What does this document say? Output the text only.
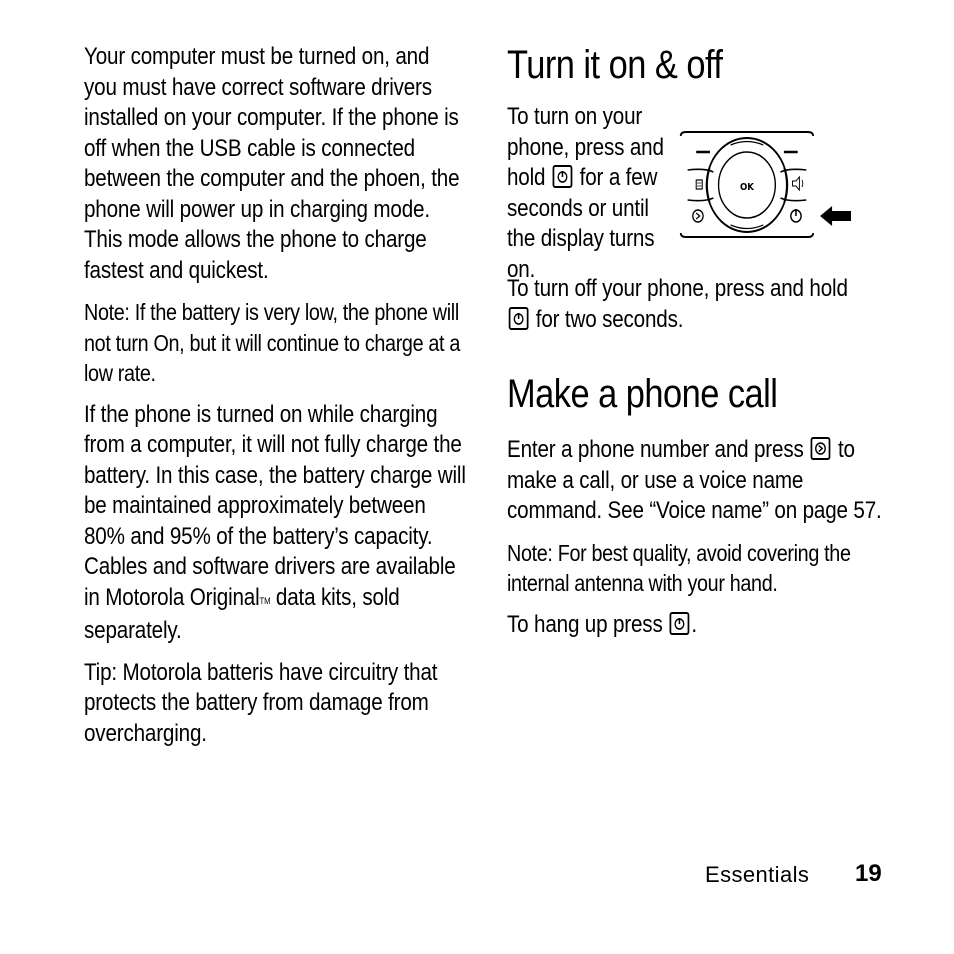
Your computer must be turned on, and you must have correct software drivers installed on your computer. If the phone is off when the USB cable is connected between the computer and the phoen, the phone will power up in charging mode. This mode allows the phone to charge fastest and quickest.

Note: If the battery is very low, the phone will not turn On, but it will continue to charge at a low rate.

If the phone is turned on while charging from a computer, it will not fully charge the battery. In this case, the battery charge will be maintained approximately between 80% and 95% of the battery’s capacity. Cables and software drivers are available in Motorola OriginalTM data kits, sold separately.

Tip: Motorola batteris have circuitry that protects the battery from damage from overcharging.

Turn it on & off

To turn on your phone, press and hold for a few seconds or until the display turns on.

OK

To turn off your phone, press and hold

for two seconds.

Make a phone call

Enter a phone number and press to make a call, or use a voice name command. See “Voice name” on page 57.

Note: For best quality, avoid covering the internal antenna with your hand.

To hang up press .

Essentials 19
